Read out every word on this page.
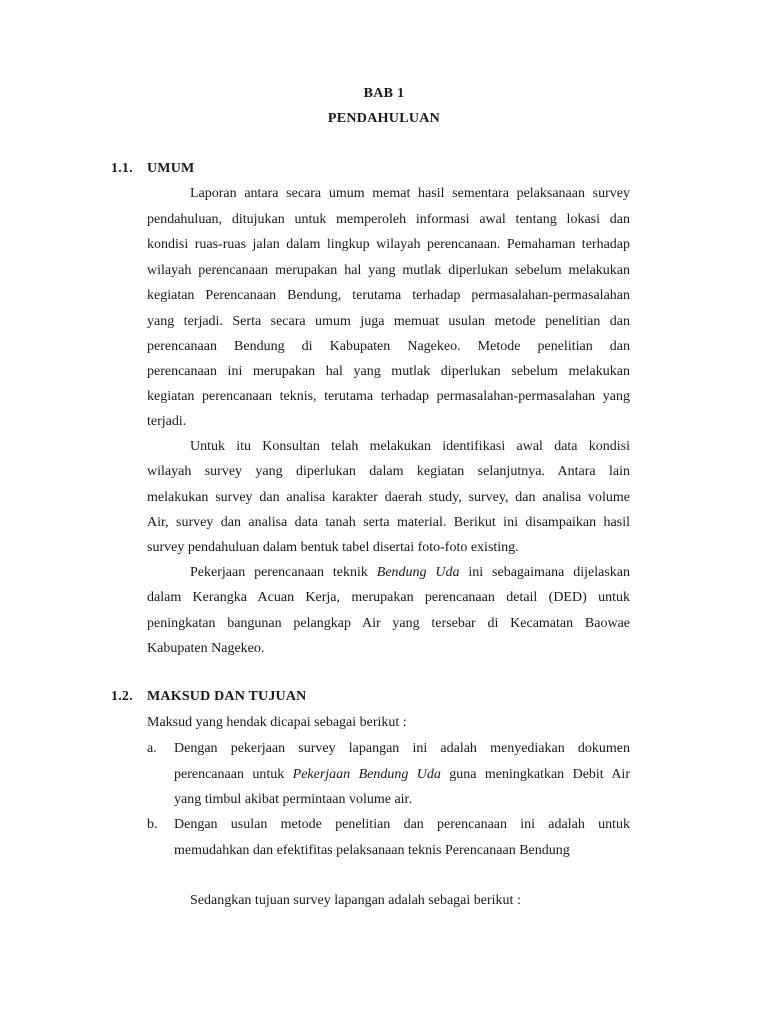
BAB 1
PENDAHULUAN
1.1. UMUM
Laporan antara secara umum memat hasil sementara pelaksanaan survey
pendahuluan, ditujukan untuk memperoleh informasi awal tentang lokasi dan
kondisi ruas-ruas jalan dalam lingkup wilayah perencanaan. Pemahaman terhadap
wilayah perencanaan merupakan hal yang mutlak diperlukan sebelum melakukan
kegiatan Perencanaan Bendung, terutama terhadap permasalahan-permasalahan
yang terjadi. Serta secara umum juga memuat usulan metode penelitian dan
perencanaan Bendung di Kabupaten Nagekeo. Metode penelitian dan
perencanaan ini merupakan hal yang mutlak diperlukan sebelum melakukan
kegiatan perencanaan teknis, terutama terhadap permasalahan-permasalahan yang
terjadi.
Untuk itu Konsultan telah melakukan identifikasi awal data kondisi
wilayah survey yang diperlukan dalam kegiatan selanjutnya. Antara lain
melakukan survey dan analisa karakter daerah study, survey, dan analisa volume
Air, survey dan analisa data tanah serta material. Berikut ini disampaikan hasil
survey pendahuluan dalam bentuk tabel disertai foto-foto existing.
Pekerjaan perencanaan teknik Bendung Uda ini sebagaimana dijelaskan
dalam Kerangka Acuan Kerja, merupakan perencanaan detail (DED) untuk
peningkatan bangunan pelangkap Air yang tersebar di Kecamatan Baowae
Kabupaten Nagekeo.
1.2. MAKSUD DAN TUJUAN
Maksud yang hendak dicapai sebagai berikut :
a. Dengan pekerjaan survey lapangan ini adalah menyediakan dokumen
perencanaan untuk Pekerjaan Bendung Uda guna meningkatkan Debit Air
yang timbul akibat permintaan volume air.
b. Dengan usulan metode penelitian dan perencanaan ini adalah untuk
memudahkan dan efektifitas pelaksanaan teknis Perencanaan Bendung
Sedangkan tujuan survey lapangan adalah sebagai berikut :
